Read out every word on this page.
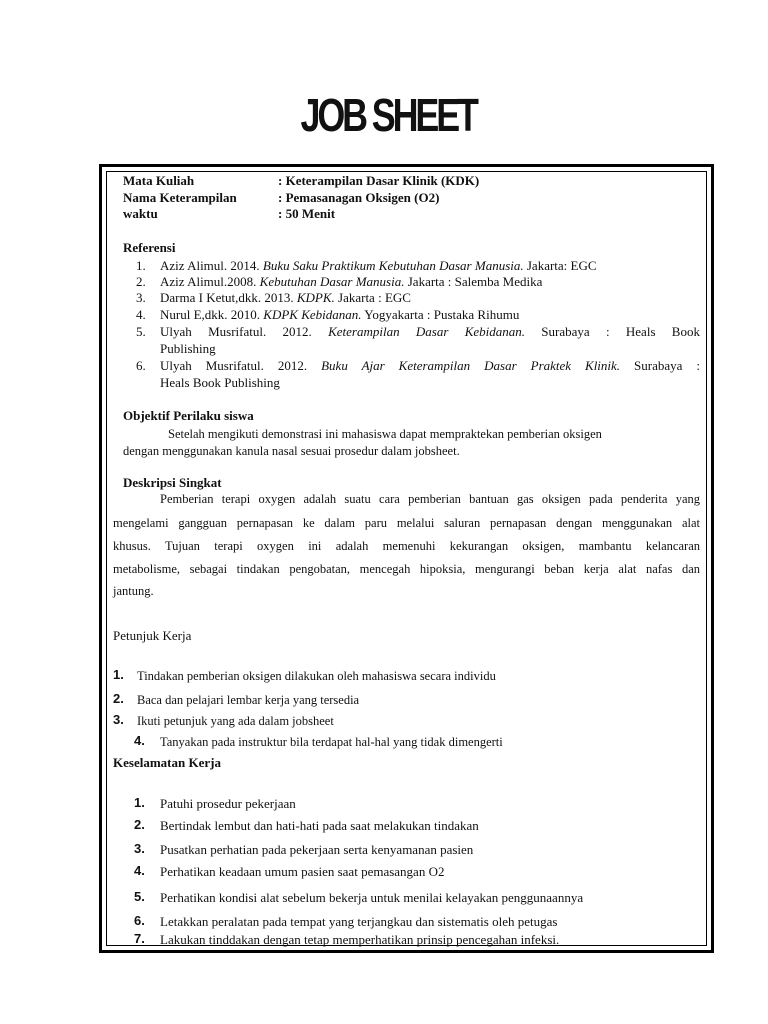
JOB SHEET
Mata Kuliah	: Keterampilan Dasar Klinik (KDK)
Nama Keterampilan	: Pemasanagan Oksigen (O2)
waktu	: 50 Menit
Referensi
1. Aziz Alimul. 2014. Buku Saku Praktikum Kebutuhan Dasar Manusia. Jakarta: EGC
2. Aziz Alimul.2008. Kebutuhan Dasar Manusia. Jakarta : Salemba Medika
3. Darma I Ketut,dkk. 2013. KDPK. Jakarta : EGC
4. Nurul E,dkk. 2010. KDPK Kebidanan. Yogyakarta : Pustaka Rihumu
5. Ulyah Musrifatul. 2012. Keterampilan Dasar Kebidanan. Surabaya : Heals Book
Publishing
6. Ulyah Musrifatul. 2012. Buku Ajar Keterampilan Dasar Praktek Klinik. Surabaya :
Heals Book Publishing
Objektif Perilaku siswa
Setelah mengikuti demonstrasi ini mahasiswa dapat mempraktekan pemberian oksigen
dengan menggunakan kanula nasal sesuai prosedur dalam jobsheet.
Deskripsi Singkat
Pemberian terapi oxygen adalah suatu cara pemberian bantuan gas oksigen pada penderita yang
mengelami gangguan pernapasan ke dalam paru melalui saluran pernapasan dengan menggunakan alat
khusus. Tujuan terapi oxygen ini adalah memenuhi kekurangan oksigen, mambantu kelancaran
metabolisme, sebagai tindakan pengobatan, mencegah hipoksia, mengurangi beban kerja alat nafas dan
jantung.
Petunjuk Kerja
1. Tindakan pemberian oksigen dilakukan oleh mahasiswa secara individu
2. Baca dan pelajari lembar kerja yang tersedia
3. Ikuti petunjuk yang ada dalam jobsheet
4. Tanyakan pada instruktur bila terdapat hal-hal yang tidak dimengerti
Keselamatan Kerja
1. Patuhi prosedur pekerjaan
2. Bertindak lembut dan hati-hati pada saat melakukan tindakan
3. Pusatkan perhatian pada pekerjaan serta kenyamanan pasien
4. Perhatikan keadaan umum pasien saat pemasangan O2
5. Perhatikan kondisi alat sebelum bekerja untuk menilai kelayakan penggunaannya
6. Letakkan peralatan pada tempat yang terjangkau dan sistematis oleh petugas
7. Lakukan tinddakan dengan tetap memperhatikan prinsip pencegahan infeksi.
